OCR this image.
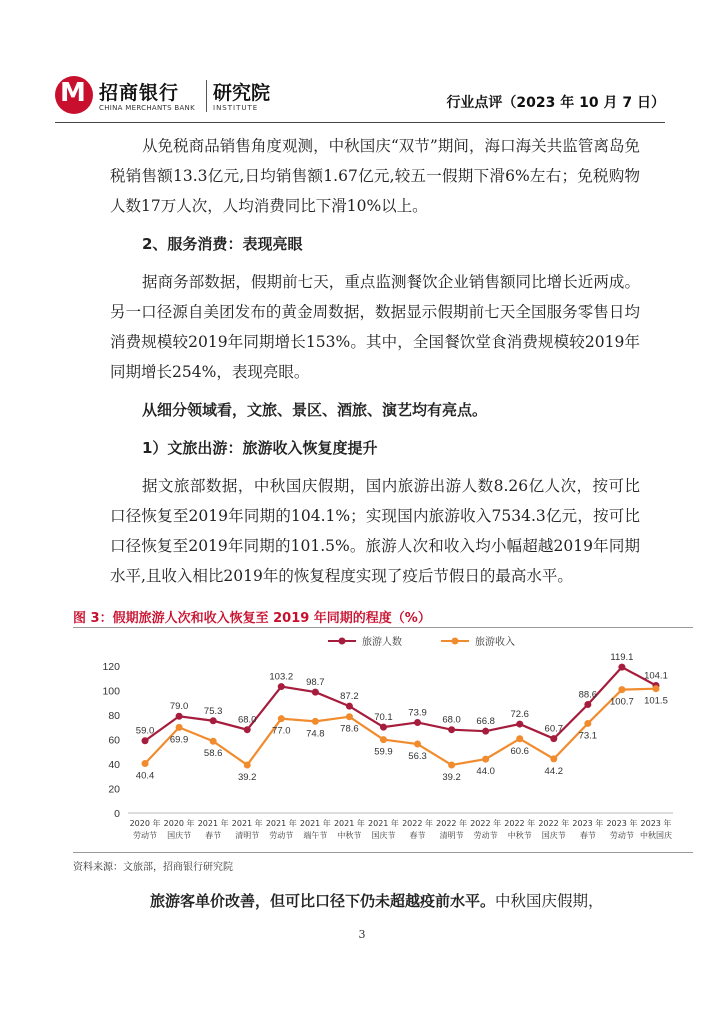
M 招商银行
CHINA MERCHANTS BANK
研究院
INSTITUTE	行业点评（2023 年 10 月 7 日）

从免税商品销售角度观测，中秋国庆“双节”期间，海口海关共监管离岛免税销售额13.3亿元,日均销售额1.67亿元,较五一假期下滑6%左右；免税购物人数17万人次，人均消费同比下滑10%以上。

2、服务消费：表现亮眼

据商务部数据，假期前七天，重点监测餐饮企业销售额同比增长近两成。另一口径源自美团发布的黄金周数据，数据显示假期前七天全国服务零售日均消费规模较2019年同期增长153%。其中，全国餐饮堂食消费规模较2019年同期增长254%，表现亮眼。

从细分领域看，文旅、景区、酒旅、演艺均有亮点。

1）文旅出游：旅游收入恢复度提升

据文旅部数据，中秋国庆假期，国内旅游出游人数8.26亿人次，按可比口径恢复至2019年同期的104.1%；实现国内旅游收入7534.3亿元，按可比口径恢复至2019年同期的101.5%。旅游人次和收入均小幅超越2019年同期水平,且收入相比2019年的恢复程度实现了疫后节假日的最高水平。

图 3：假期旅游人次和收入恢复至 2019 年同期的程度（%）
0
20
40
60
80
100
120
2020 年
劳动节
2020 年
国庆节
2021 年
春节
2021 年
清明节
2021 年
劳动节
2021 年
端午节
2021 年
中秋节
2021 年
国庆节
2022 年
春节
2022 年
清明节
2022 年
劳动节
2022 年
中秋节
2022 年
国庆节
2023 年
春节
2023 年
劳动节
2023 年
中秋国庆
旅游人数	旅游收入
59.0
79.0 75.3
68.0
103.2
98.7
87.2
70.1 73.9
68.0 66.8
72.6
60.7
88.6
119.1
104.1
40.4
69.9
58.6
39.2
77.0 74.8 78.6
59.9 56.3
39.2
44.0
60.6
44.2
73.1
100.7 101.5
资料来源：文旅部，招商银行研究院
旅游客单价改善，但可比口径下仍未超越疫前水平。中秋国庆假期，
3
